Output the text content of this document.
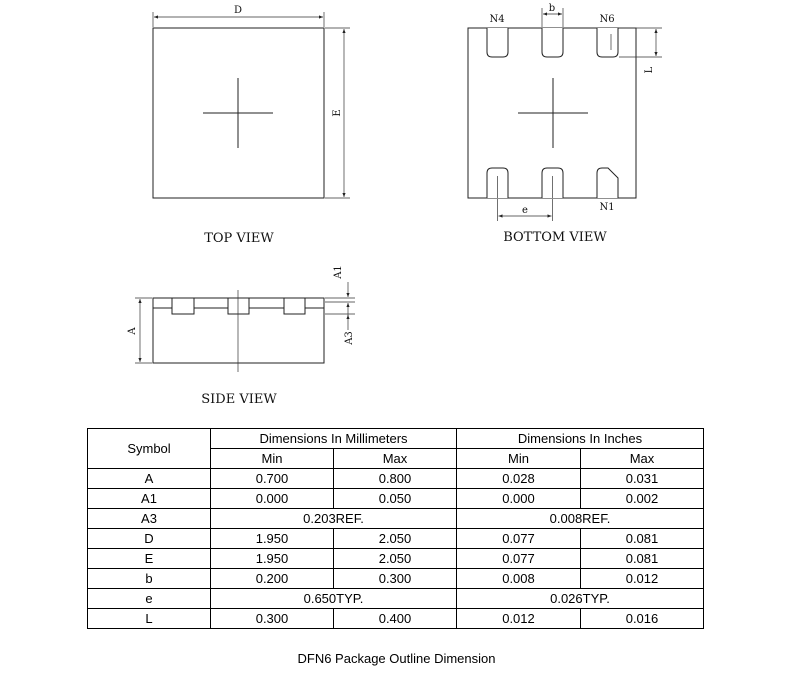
D
E
TOP VIEW
N4	N6
N1
b
L
e
BOTTOM VIEW
A
A1
A3
SIDE VIEW
Symbol	Dimensions In Millimeters		Dimensions In Inches	
	Min	Max	Min	Max
A	0.700	0.800	0.028	0.031
A1	0.000	0.050	0.000	0.002
A3	0.203REF.		0.008REF.	
D	1.950	2.050	0.077	0.081
E	1.950	2.050	0.077	0.081
b	0.200	0.300	0.008	0.012
e	0.650TYP.		0.026TYP.	
L	0.300	0.400	0.012	0.016
DFN6 Package Outline Dimension
